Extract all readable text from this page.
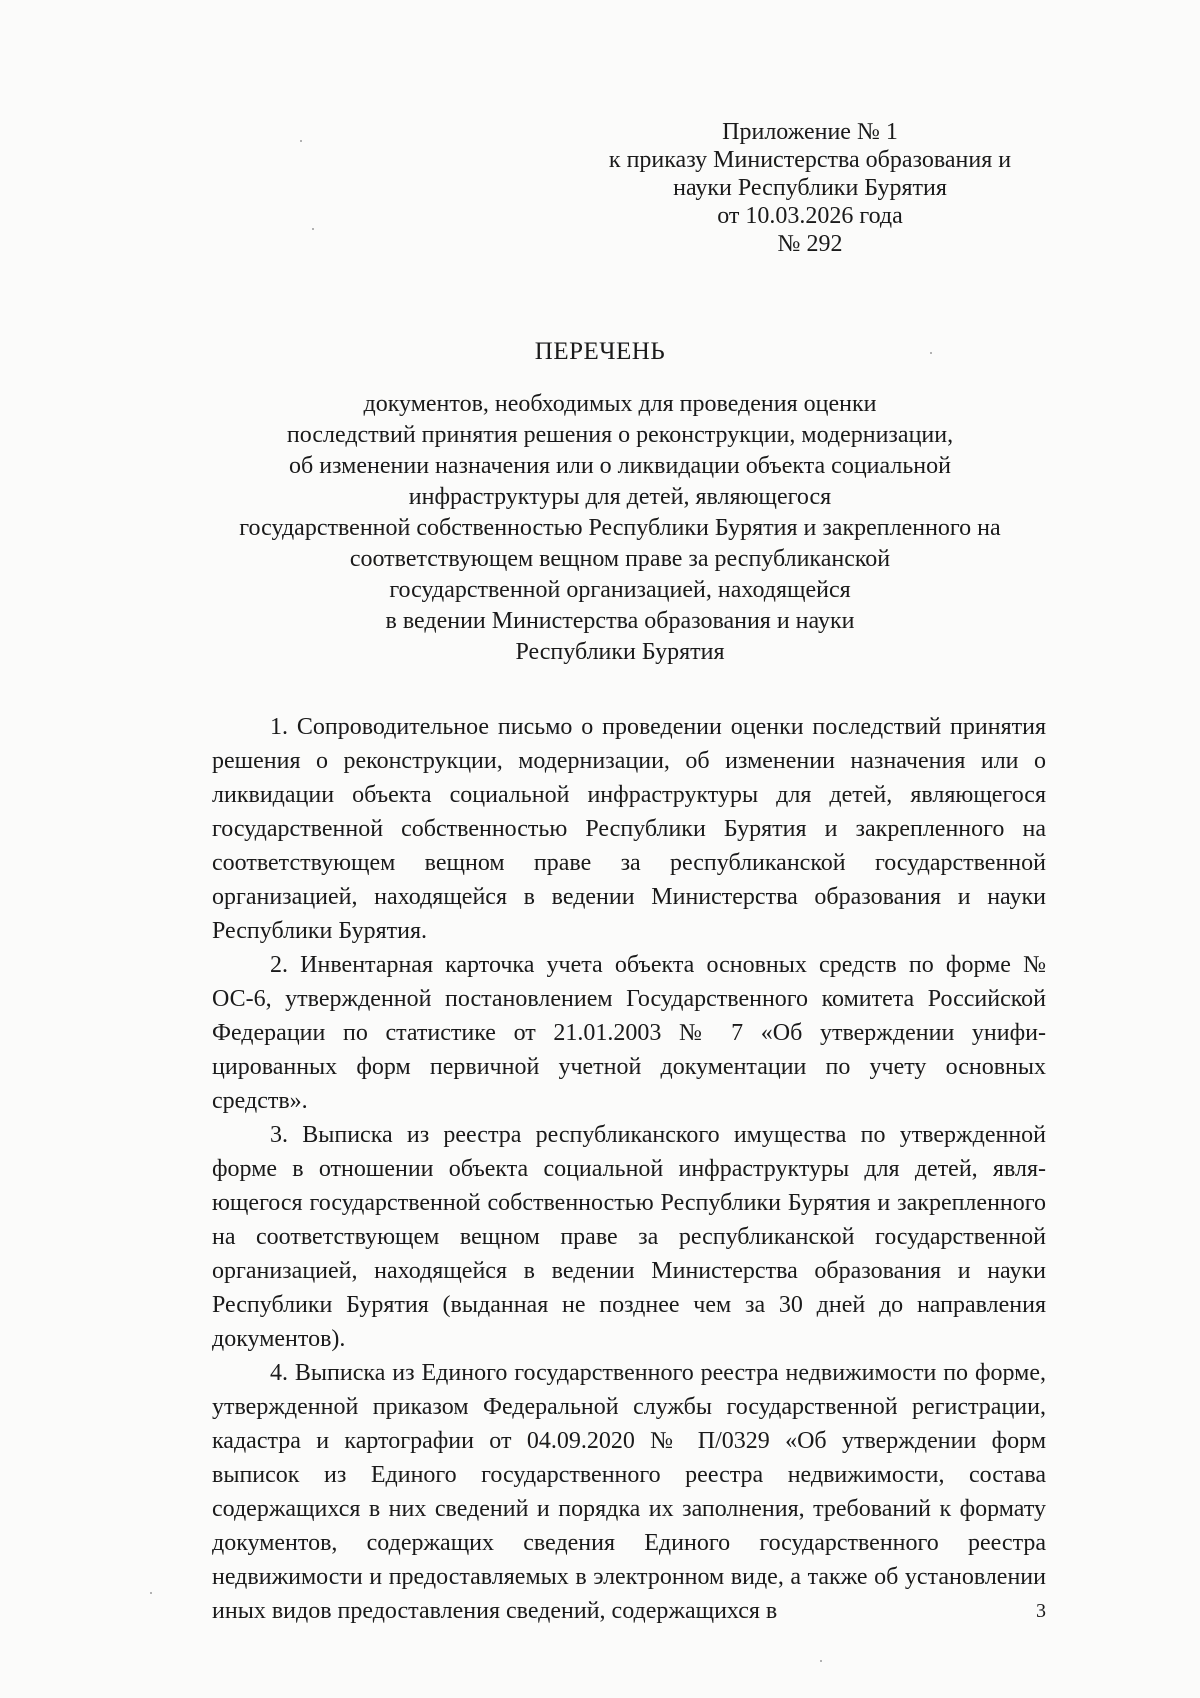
Приложение № 1
к приказу Министерства образования и
науки Республики Бурятия
от 10.03.2026 года
№ 292
ПЕРЕЧЕНЬ
документов, необходимых для проведения оценки
последствий принятия решения о реконструкции, модернизации,
об изменении назначения или о ликвидации объекта социальной
инфраструктуры для детей, являющегося
государственной собственностью Республики Бурятия и закрепленного на
соответствующем вещном праве за республиканской
государственной организацией, находящейся
в ведении Министерства образования и науки
Республики Бурятия

1. Сопроводительное письмо о проведении оценки последствий принятия решения о реконструкции, модернизации, об изменении назначения или о ликвидации объекта социальной инфраструктуры для детей, являющегося государственной собственностью Республики Бурятия и закрепленного на соответствующем вещном праве за республиканской государственной организацией, находящейся в ведении Министерства образования и науки Республики Бурятия.

2. Инвентарная карточка учета объекта основных средств по форме № ОС-6, утвержденной постановлением Государственного комитета Российской Федерации по статистике от 21.01.2003 № 7 «Об утверждении унифицированных форм первичной учетной документации по учету основных средств».

3. Выписка из реестра республиканского имущества по утвержденной форме в отношении объекта социальной инфраструктуры для детей, являющегося государственной собственностью Республики Бурятия и закрепленного на соответствующем вещном праве за республиканской государственной организацией, находящейся в ведении Министерства образования и науки Республики Бурятия (выданная не позднее чем за 30 дней до направления документов).

4. Выписка из Единого государственного реестра недвижимости по форме, утвержденной приказом Федеральной службы государственной регистрации, кадастра и картографии от 04.09.2020 № П/0329 «Об утверждении форм выписок из Единого государственного реестра недвижимости, состава содержащихся в них сведений и порядка их заполнения, требований к формату документов, содержащих сведения Единого государственного реестра недвижимости и предоставляемых в электронном виде, а также об установлении иных видов предоставления сведений, содержащихся в	3
